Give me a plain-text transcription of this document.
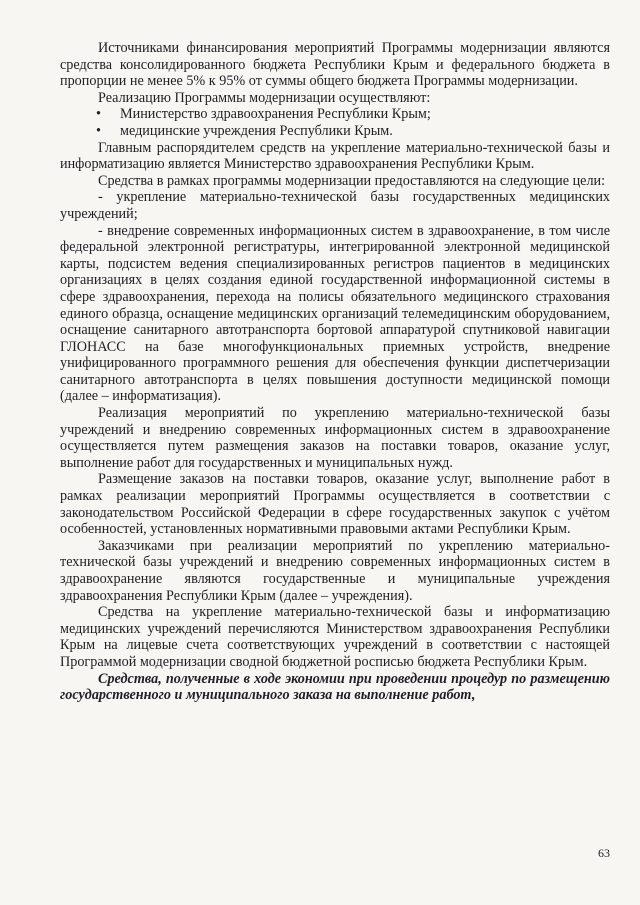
Источниками финансирования мероприятий Программы модернизации являются средства консолидированного бюджета Республики Крым и федерального бюджета в пропорции не менее 5% к 95% от суммы общего бюджета Программы модернизации.

Реализацию Программы модернизации осуществляют:

• Министерство здравоохранения Республики Крым;
• медицинские учреждения Республики Крым.

Главным распорядителем средств на укрепление материально-технической базы и информатизацию является Министерство здравоохранения Республики Крым.

Средства в рамках программы модернизации предоставляются на следующие цели:

- укрепление материально-технической базы государственных медицинских учреждений;

- внедрение современных информационных систем в здравоохранение, в том числе федеральной электронной регистратуры, интегрированной электронной медицинской карты, подсистем ведения специализированных регистров пациентов в медицинских организациях в целях создания единой государственной информационной системы в сфере здравоохранения, перехода на полисы обязательного медицинского страхования единого образца, оснащение медицинских организаций телемедицинским оборудованием, оснащение санитарного автотранспорта бортовой аппаратурой спутниковой навигации ГЛОНАСС на базе многофункциональных приемных устройств, внедрение унифицированного программного решения для обеспечения функции диспетчеризации санитарного автотранспорта в целях повышения доступности медицинской помощи (далее – информатизация).

Реализация мероприятий по укреплению материально-технической базы учреждений и внедрению современных информационных систем в здравоохранение осуществляется путем размещения заказов на поставки товаров, оказание услуг, выполнение работ для государственных и муниципальных нужд.

Размещение заказов на поставки товаров, оказание услуг, выполнение работ в рамках реализации мероприятий Программы осуществляется в соответствии с законодательством Российской Федерации в сфере государственных закупок с учётом особенностей, установленных нормативными правовыми актами Республики Крым.

Заказчиками при реализации мероприятий по укреплению материально-технической базы учреждений и внедрению современных информационных систем в здравоохранение являются государственные и муниципальные учреждения здравоохранения Республики Крым (далее – учреждения).

Средства на укрепление материально-технической базы и информатизацию медицинских учреждений перечисляются Министерством здравоохранения Республики Крым на лицевые счета соответствующих учреждений в соответствии с настоящей Программой модернизации сводной бюджетной росписью бюджета Республики Крым.

Средства, полученные в ходе экономии при проведении процедур по размещению государственного и муниципального заказа на выполнение работ,

63
